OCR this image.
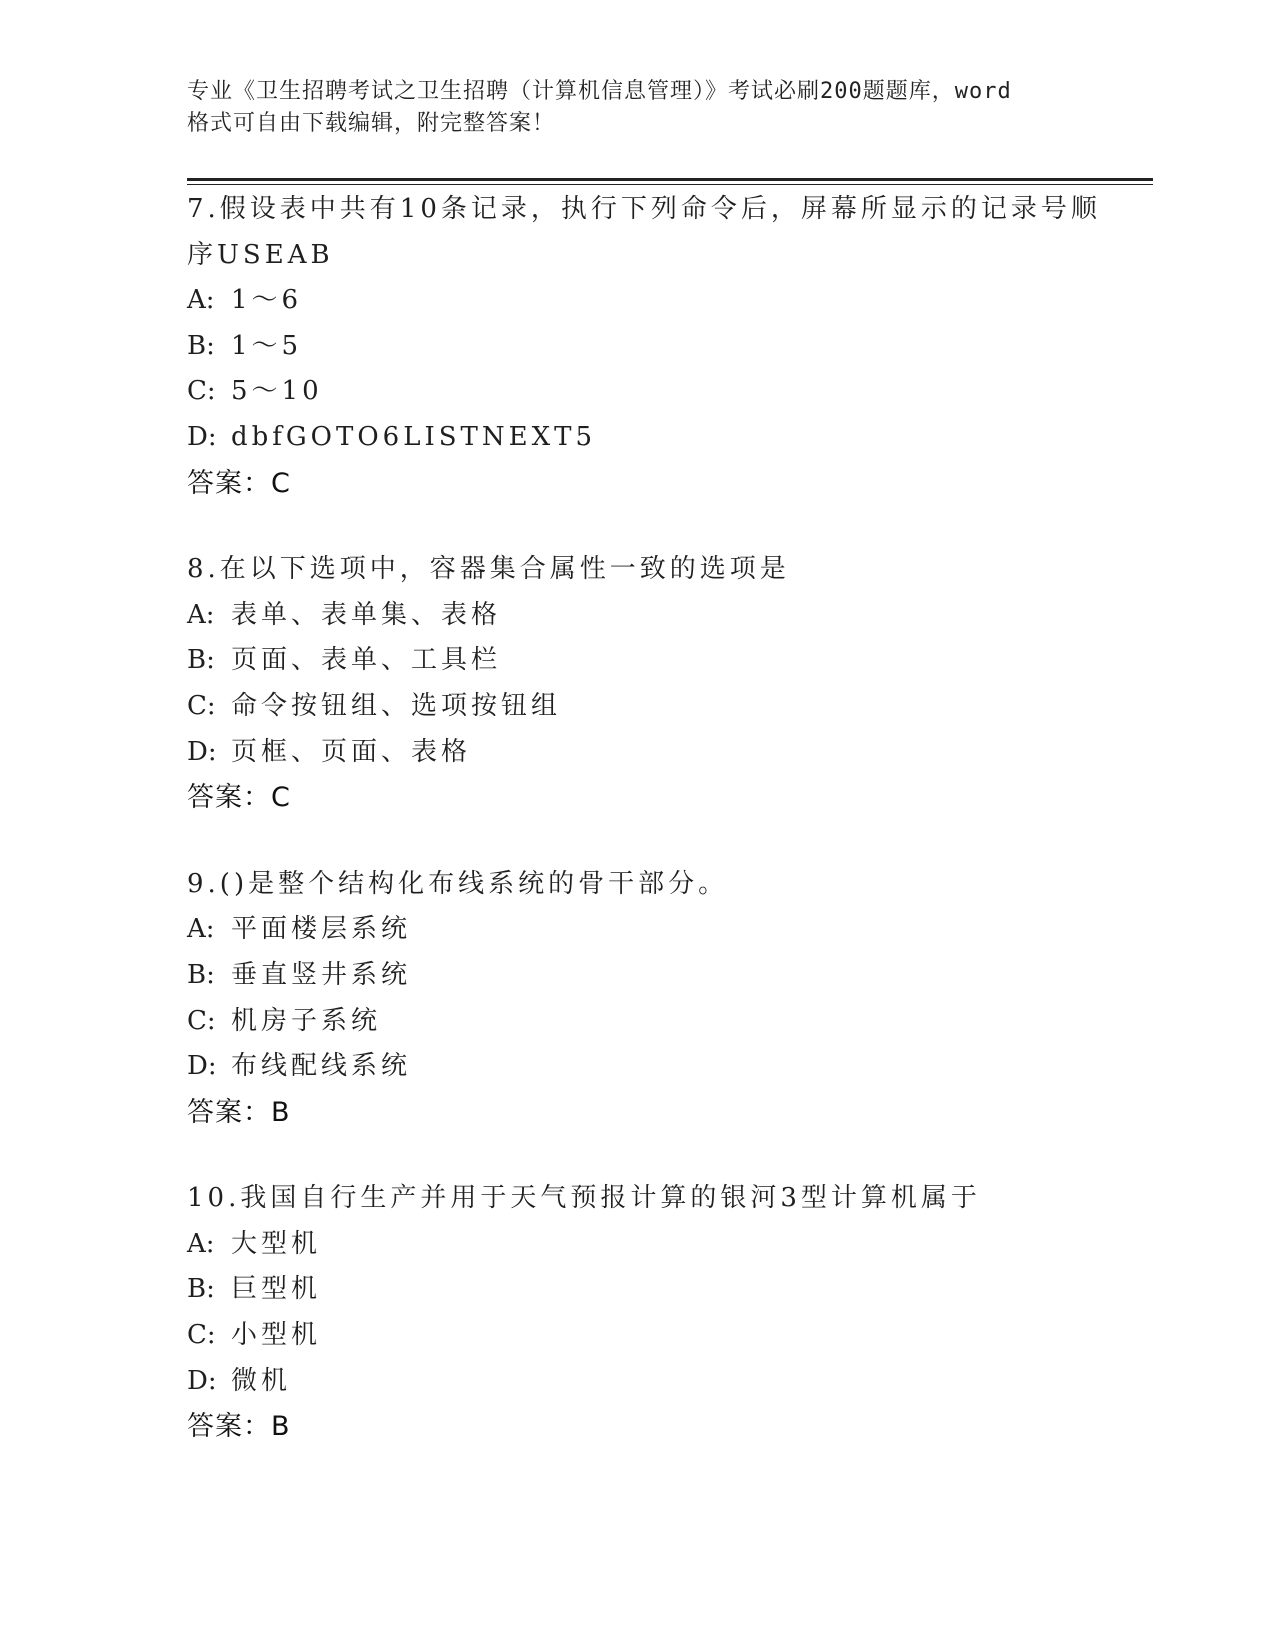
专业《卫生招聘考试之卫生招聘（计算机信息管理）》考试必刷200题题库，word
格式可自由下载编辑，附完整答案！
7.假设表中共有10条记录，执行下列命令后，屏幕所显示的记录号顺
序USEAB
A: 1～6
B: 1～5
C: 5～10
D: dbfGOTO6LISTNEXT5
答案：C
8.在以下选项中，容器集合属性一致的选项是
A: 表单、表单集、表格
B: 页面、表单、工具栏
C: 命令按钮组、选项按钮组
D: 页框、页面、表格
答案：C
9.()是整个结构化布线系统的骨干部分。
A: 平面楼层系统
B: 垂直竖井系统
C: 机房子系统
D: 布线配线系统
答案：B
10.我国自行生产并用于天气预报计算的银河3型计算机属于
A: 大型机
B: 巨型机
C: 小型机
D: 微机
答案：B
